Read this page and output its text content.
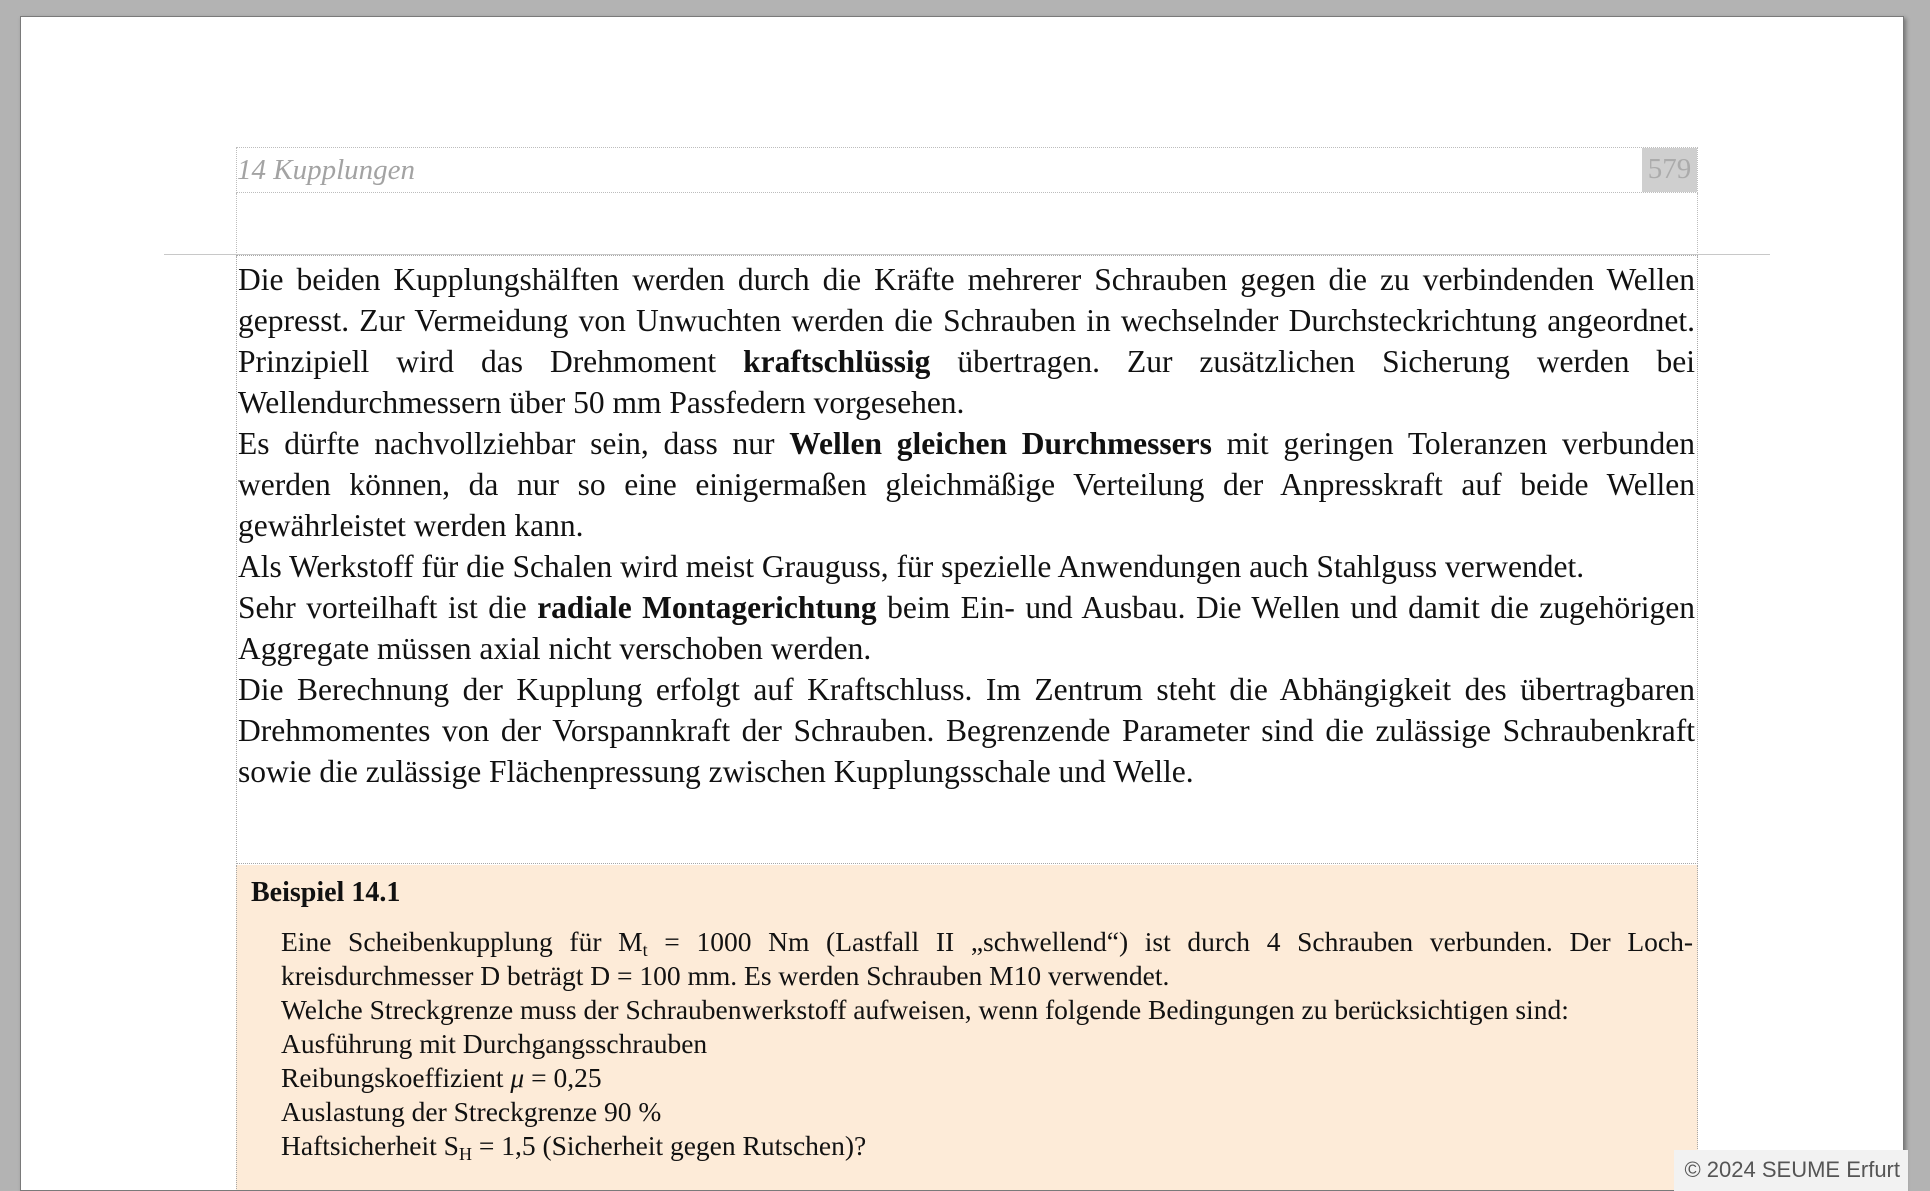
14 Kupplungen	579

Die beiden Kupplungshälften werden durch die Kräfte mehrerer Schrauben gegen die zu verbindenden Wellen gepresst. Zur Vermeidung von Unwuchten werden die Schrauben in wechselnder Durchsteckrichtung angeordnet. Prinzipiell wird das Drehmoment kraftschlüssig übertragen. Zur zusätzlichen Sicherung werden bei Wellendurchmessern über 50 mm Passfedern vorgesehen.

Es dürfte nachvollziehbar sein, dass nur Wellen gleichen Durchmessers mit geringen Toleranzen verbunden werden können, da nur so eine einigermaßen gleichmäßige Verteilung der Anpresskraft auf beide Wellen gewährleistet werden kann.

Als Werkstoff für die Schalen wird meist Grauguss, für spezielle Anwendungen auch Stahlguss verwendet.

Sehr vorteilhaft ist die radiale Montagerichtung beim Ein- und Ausbau. Die Wellen und damit die zugehörigen Aggregate müssen axial nicht verschoben werden.

Die Berechnung der Kupplung erfolgt auf Kraftschluss. Im Zentrum steht die Abhängigkeit des übertragbaren Drehmomentes von der Vorspannkraft der Schrauben. Begrenzende Parameter sind die zulässige Schraubenkraft sowie die zulässige Flächenpressung zwischen Kupplungsschale und Welle.

Beispiel 14.1

Eine Scheibenkupplung für $M_t = 1000$ Nm (Lastfall II „schwellend“) ist durch 4 Schrauben verbunden. Der Loch-

kreisdurchmesser D beträgt D = 100 mm. Es werden Schrauben M10 verwendet.

Welche Streckgrenze muss der Schraubenwerkstoff aufweisen, wenn folgende Bedingungen zu berücksichtigen sind:

Ausführung mit Durchgangsschrauben

Reibungskoeffizient μ = 0,25

Auslastung der Streckgrenze 90 %

Haftsicherheit $S_H = 1,5$ (Sicherheit gegen Rutschen)?

© 2024 SEUME Erfurt
